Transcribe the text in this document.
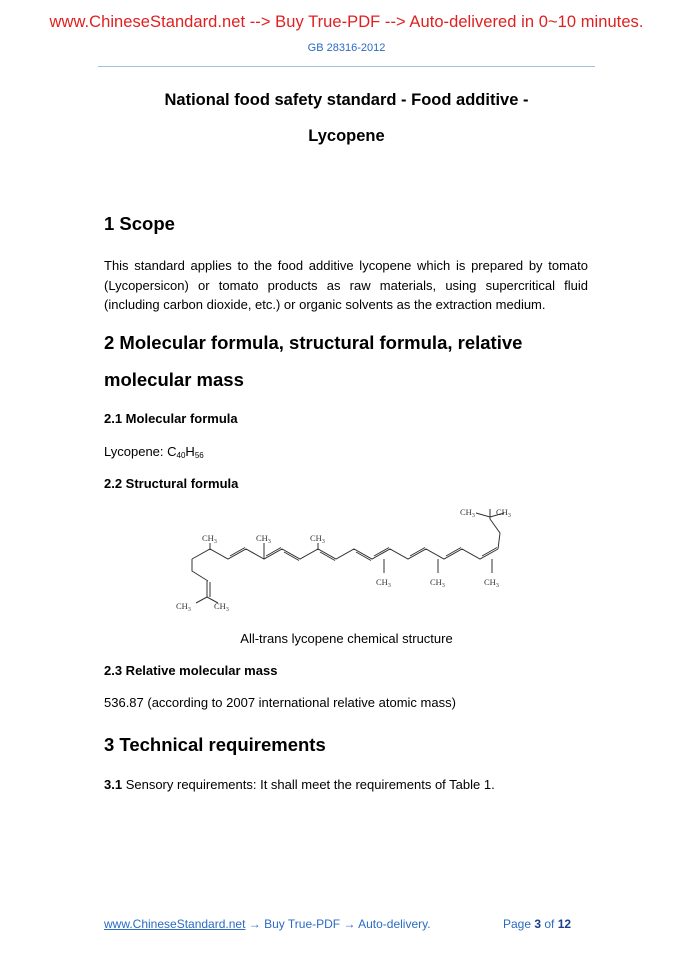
www.ChineseStandard.net --> Buy True-PDF --> Auto-delivered in 0~10 minutes.
GB 28316-2012
National food safety standard - Food additive -
Lycopene
1 Scope
This standard applies to the food additive lycopene which is prepared by tomato (Lycopersicon) or tomato products as raw materials, using supercritical fluid (including carbon dioxide, etc.) or organic solvents as the extraction medium.
2 Molecular formula, structural formula, relative
molecular mass
2.1 Molecular formula
Lycopene: $C_{40}H_{56}$
2.2 Structural formula
$CH_3$	$CH_3$	$CH_3$
$CH_3$	$CH_3$	$CH_3$
$CH_3$	$CH_3$
$CH_3$ $CH_3$
All-trans lycopene chemical structure
2.3 Relative molecular mass
536.87 (according to 2007 international relative atomic mass)
3 Technical requirements
3.1 Sensory requirements: It shall meet the requirements of Table 1.
www.ChineseStandard.net → Buy True-PDF → Auto-delivery.	Page 3 of 12
